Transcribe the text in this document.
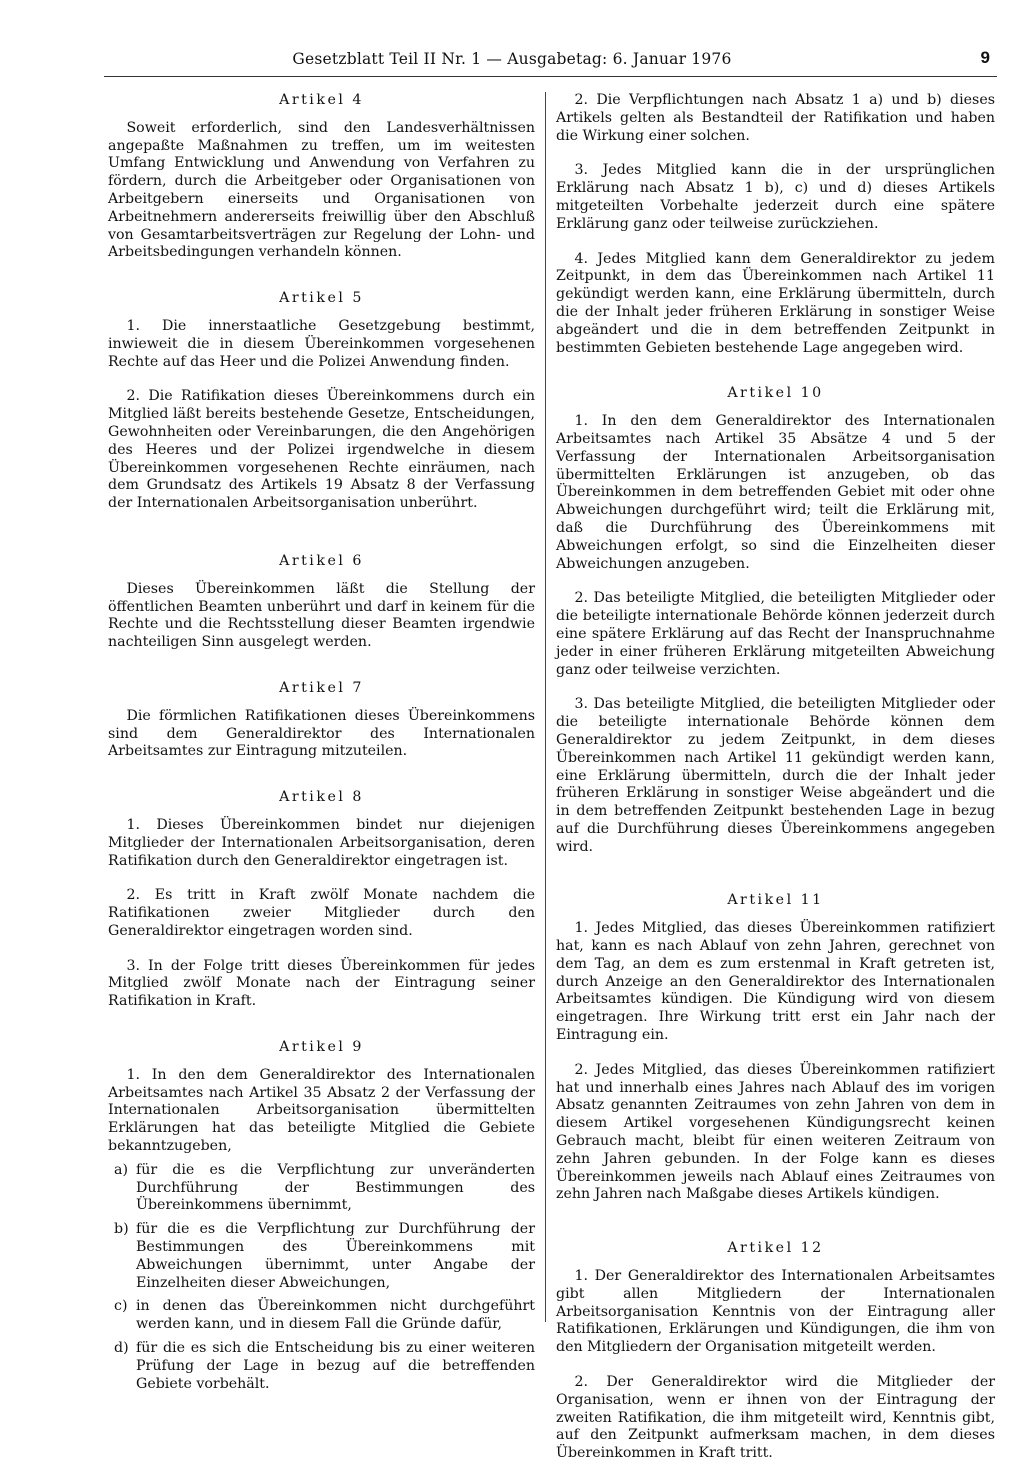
Gesetzblatt Teil II Nr. 1 — Ausgabetag: 6. Januar 1976	9
Artikel 4

Soweit erforderlich, sind den Landesverhältnissen angepaßte Maßnahmen zu treffen, um im weitesten Umfang Entwicklung und Anwendung von Verfahren zu fördern, durch die Arbeitgeber oder Organisationen von Arbeitgebern einerseits und Organisationen von Arbeitnehmern andererseits freiwillig über den Abschluß von Gesamtarbeitsverträgen zur Regelung der Lohn- und Arbeitsbedingungen verhandeln können.

Artikel 5

1. Die innerstaatliche Gesetzgebung bestimmt, inwieweit die in diesem Übereinkommen vorgesehenen Rechte auf das Heer und die Polizei Anwendung finden.

2. Die Ratifikation dieses Übereinkommens durch ein Mitglied läßt bereits bestehende Gesetze, Entscheidungen, Gewohnheiten oder Vereinbarungen, die den Angehörigen des Heeres und der Polizei irgendwelche in diesem Übereinkommen vorgesehenen Rechte einräumen, nach dem Grundsatz des Artikels 19 Absatz 8 der Verfassung der Internationalen Arbeitsorganisation unberührt.

Artikel 6

Dieses Übereinkommen läßt die Stellung der öffentlichen Beamten unberührt und darf in keinem für die Rechte und die Rechtsstellung dieser Beamten irgendwie nachteiligen Sinn ausgelegt werden.

Artikel 7

Die förmlichen Ratifikationen dieses Übereinkommens sind dem Generaldirektor des Internationalen Arbeitsamtes zur Eintragung mitzuteilen.

Artikel 8

1. Dieses Übereinkommen bindet nur diejenigen Mitglieder der Internationalen Arbeitsorganisation, deren Ratifikation durch den Generaldirektor eingetragen ist.

2. Es tritt in Kraft zwölf Monate nachdem die Ratifikationen zweier Mitglieder durch den Generaldirektor eingetragen worden sind.

3. In der Folge tritt dieses Übereinkommen für jedes Mitglied zwölf Monate nach der Eintragung seiner Ratifikation in Kraft.

Artikel 9

1. In den dem Generaldirektor des Internationalen Arbeitsamtes nach Artikel 35 Absatz 2 der Verfassung der Internationalen Arbeitsorganisation übermittelten Erklärungen hat das beteiligte Mitglied die Gebiete bekanntzugeben,

a) für die es die Verpflichtung zur unveränderten Durchführung der Bestimmungen des Übereinkommens übernimmt,
b) für die es die Verpflichtung zur Durchführung der Bestimmungen des Übereinkommens mit Abweichungen übernimmt, unter Angabe der Einzelheiten dieser Abweichungen,
c) in denen das Übereinkommen nicht durchgeführt werden kann, und in diesem Fall die Gründe dafür,
d) für die es sich die Entscheidung bis zu einer weiteren Prüfung der Lage in bezug auf die betreffenden Gebiete vorbehält.

2. Die Verpflichtungen nach Absatz 1 a) und b) dieses Artikels gelten als Bestandteil der Ratifikation und haben die Wirkung einer solchen.

3. Jedes Mitglied kann die in der ursprünglichen Erklärung nach Absatz 1 b), c) und d) dieses Artikels mitgeteilten Vorbehalte jederzeit durch eine spätere Erklärung ganz oder teilweise zurückziehen.

4. Jedes Mitglied kann dem Generaldirektor zu jedem Zeitpunkt, in dem das Übereinkommen nach Artikel 11 gekündigt werden kann, eine Erklärung übermitteln, durch die der Inhalt jeder früheren Erklärung in sonstiger Weise abgeändert und die in dem betreffenden Zeitpunkt in bestimmten Gebieten bestehende Lage angegeben wird.

Artikel 10

1. In den dem Generaldirektor des Internationalen Arbeitsamtes nach Artikel 35 Absätze 4 und 5 der Verfassung der Internationalen Arbeitsorganisation übermittelten Erklärungen ist anzugeben, ob das Übereinkommen in dem betreffenden Gebiet mit oder ohne Abweichungen durchgeführt wird; teilt die Erklärung mit, daß die Durchführung des Übereinkommens mit Abweichungen erfolgt, so sind die Einzelheiten dieser Abweichungen anzugeben.

2. Das beteiligte Mitglied, die beteiligten Mitglieder oder die beteiligte internationale Behörde können jederzeit durch eine spätere Erklärung auf das Recht der Inanspruchnahme jeder in einer früheren Erklärung mitgeteilten Abweichung ganz oder teilweise verzichten.

3. Das beteiligte Mitglied, die beteiligten Mitglieder oder die beteiligte internationale Behörde können dem Generaldirektor zu jedem Zeitpunkt, in dem dieses Übereinkommen nach Artikel 11 gekündigt werden kann, eine Erklärung übermitteln, durch die der Inhalt jeder früheren Erklärung in sonstiger Weise abgeändert und die in dem betreffenden Zeitpunkt bestehenden Lage in bezug auf die Durchführung dieses Übereinkommens angegeben wird.

Artikel 11

1. Jedes Mitglied, das dieses Übereinkommen ratifiziert hat, kann es nach Ablauf von zehn Jahren, gerechnet von dem Tag, an dem es zum erstenmal in Kraft getreten ist, durch Anzeige an den Generaldirektor des Internationalen Arbeitsamtes kündigen. Die Kündigung wird von diesem eingetragen. Ihre Wirkung tritt erst ein Jahr nach der Eintragung ein.

2. Jedes Mitglied, das dieses Übereinkommen ratifiziert hat und innerhalb eines Jahres nach Ablauf des im vorigen Absatz genannten Zeitraumes von zehn Jahren von dem in diesem Artikel vorgesehenen Kündigungsrecht keinen Gebrauch macht, bleibt für einen weiteren Zeitraum von zehn Jahren gebunden. In der Folge kann es dieses Übereinkommen jeweils nach Ablauf eines Zeitraumes von zehn Jahren nach Maßgabe dieses Artikels kündigen.

Artikel 12

1. Der Generaldirektor des Internationalen Arbeitsamtes gibt allen Mitgliedern der Internationalen Arbeitsorganisation Kenntnis von der Eintragung aller Ratifikationen, Erklärungen und Kündigungen, die ihm von den Mitgliedern der Organisation mitgeteilt werden.

2. Der Generaldirektor wird die Mitglieder der Organisation, wenn er ihnen von der Eintragung der zweiten Ratifikation, die ihm mitgeteilt wird, Kenntnis gibt, auf den Zeitpunkt aufmerksam machen, in dem dieses Übereinkommen in Kraft tritt.
